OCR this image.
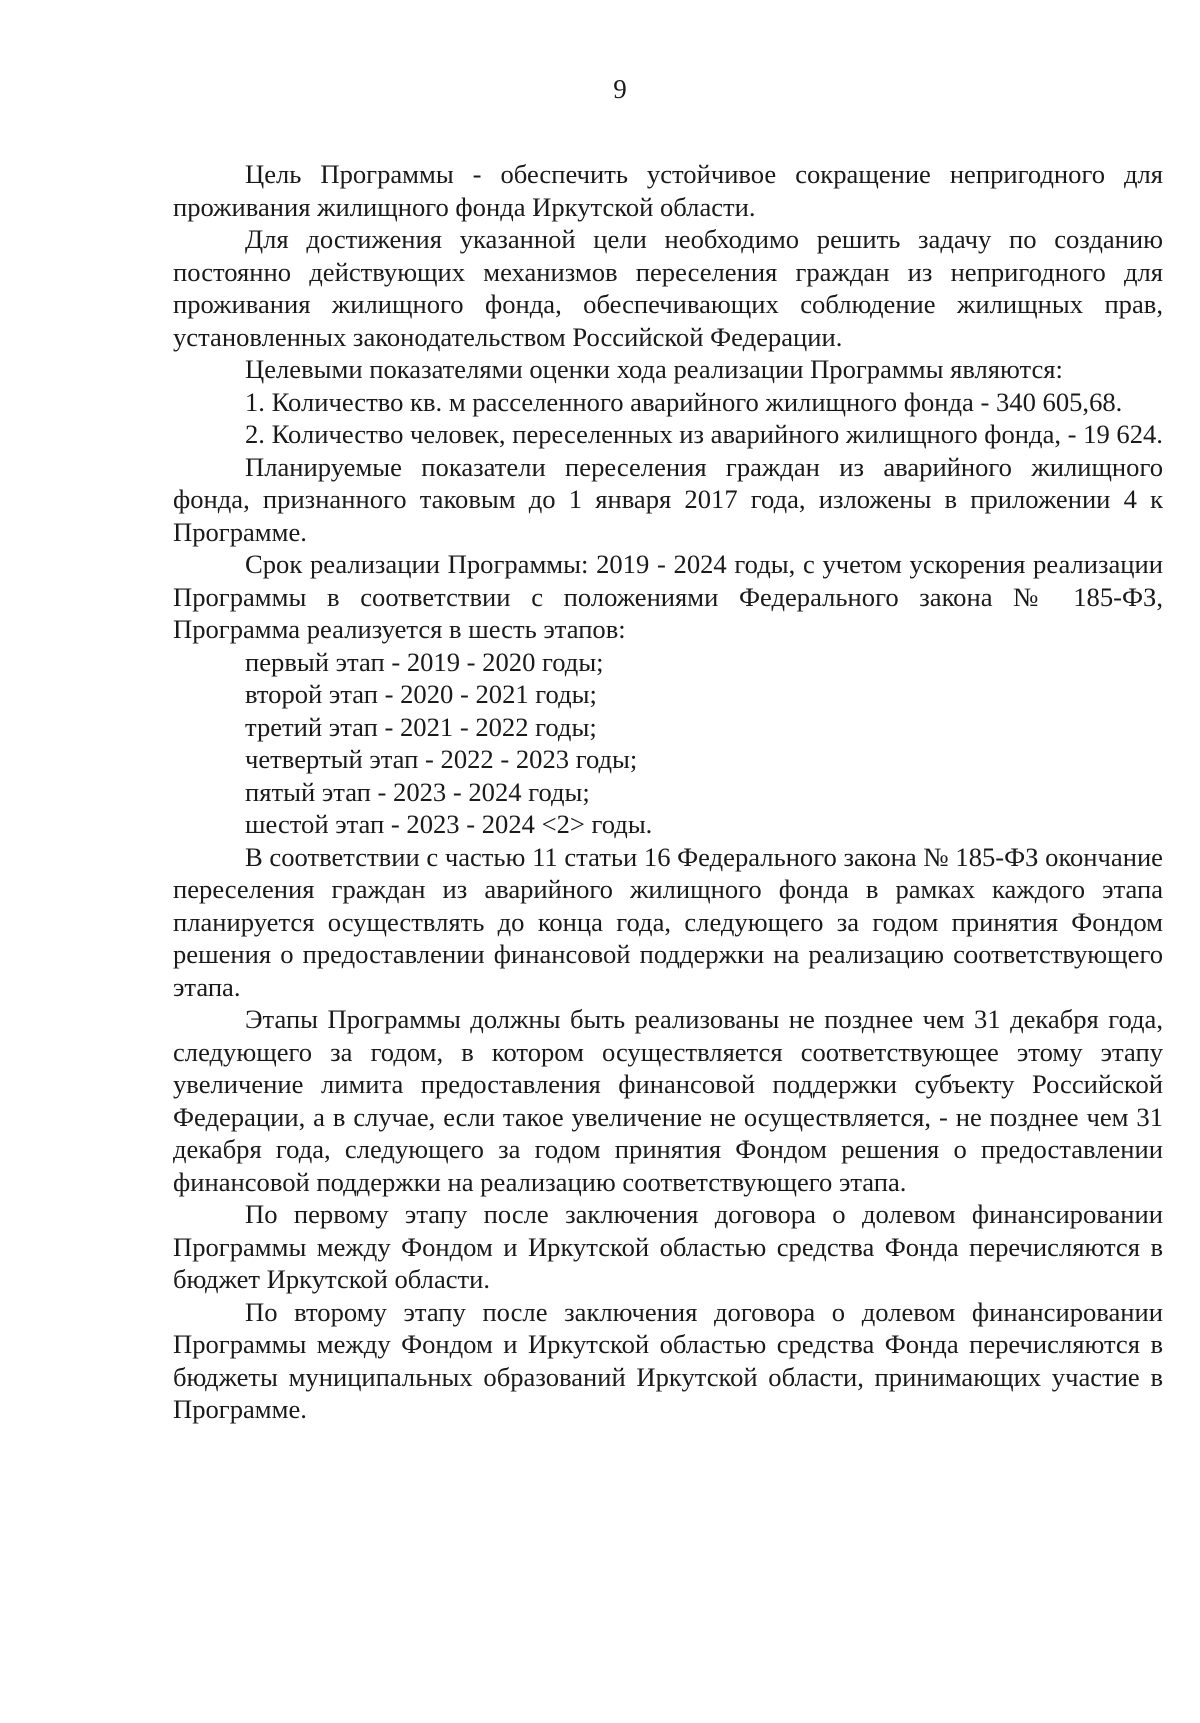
9

Цель Программы - обеспечить устойчивое сокращение непригодного для проживания жилищного фонда Иркутской области.

Для достижения указанной цели необходимо решить задачу по созданию постоянно действующих механизмов переселения граждан из непригодного для проживания жилищного фонда, обеспечивающих соблюдение жилищных прав, установленных законодательством Российской Федерации.

Целевыми показателями оценки хода реализации Программы являются:

1. Количество кв. м расселенного аварийного жилищного фонда - 340 605,68.

2. Количество человек, переселенных из аварийного жилищного фонда, - 19 624.

Планируемые показатели переселения граждан из аварийного жилищного фонда, признанного таковым до 1 января 2017 года, изложены в приложении 4 к Программе.

Срок реализации Программы: 2019 - 2024 годы, с учетом ускорения реализации Программы в соответствии с положениями Федерального закона № 185-ФЗ, Программа реализуется в шесть этапов:

первый этап - 2019 - 2020 годы;

второй этап - 2020 - 2021 годы;

третий этап - 2021 - 2022 годы;

четвертый этап - 2022 - 2023 годы;

пятый этап - 2023 - 2024 годы;

шестой этап - 2023 - 2024 <2> годы.

В соответствии с частью 11 статьи 16 Федерального закона № 185-ФЗ окончание переселения граждан из аварийного жилищного фонда в рамках каждого этапа планируется осуществлять до конца года, следующего за годом принятия Фондом решения о предоставлении финансовой поддержки на реализацию соответствующего этапа.

Этапы Программы должны быть реализованы не позднее чем 31 декабря года, следующего за годом, в котором осуществляется соответствующее этому этапу увеличение лимита предоставления финансовой поддержки субъекту Российской Федерации, а в случае, если такое увеличение не осуществляется, - не позднее чем 31 декабря года, следующего за годом принятия Фондом решения о предоставлении финансовой поддержки на реализацию соответствующего этапа.

По первому этапу после заключения договора о долевом финансировании Программы между Фондом и Иркутской областью средства Фонда перечисляются в бюджет Иркутской области.

По второму этапу после заключения договора о долевом финансировании Программы между Фондом и Иркутской областью средства Фонда перечисляются в бюджеты муниципальных образований Иркутской области, принимающих участие в Программе.
